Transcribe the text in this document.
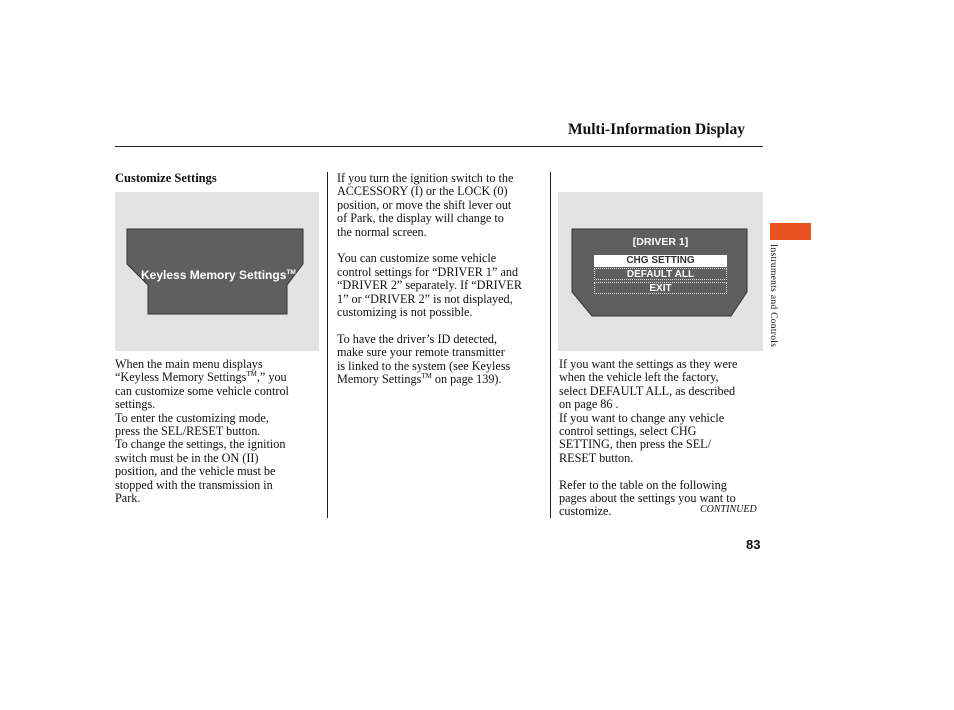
Multi-Information Display
Customize Settings
Keyless Memory Settings™
When the main menu displays
“Keyless Memory Settings™,” you
can customize some vehicle control
settings.
To enter the customizing mode,
press the SEL/RESET button.
To change the settings, the ignition
switch must be in the ON (II)
position, and the vehicle must be
stopped with the transmission in
Park.
If you turn the ignition switch to the
ACCESSORY (I) or the LOCK (0)
position, or move the shift lever out
of Park, the display will change to
the normal screen.
You can customize some vehicle
control settings for “DRIVER 1” and
“DRIVER 2” separately. If “DRIVER
1” or “DRIVER 2” is not displayed,
customizing is not possible.
To have the driver’s ID detected,
make sure your remote transmitter
is linked to the system (see Keyless
Memory Settings™ on page 139).
[DRIVER 1]
CHG SETTING
DEFAULT ALL
EXIT
If you want the settings as they were
when the vehicle left the factory,
select DEFAULT ALL, as described
on page 86 .
If you want to change any vehicle
control settings, select CHG
SETTING, then press the SEL/
RESET button.
Refer to the table on the following
pages about the settings you want to
customize.	CONTINUED
Instruments and Controls
83
